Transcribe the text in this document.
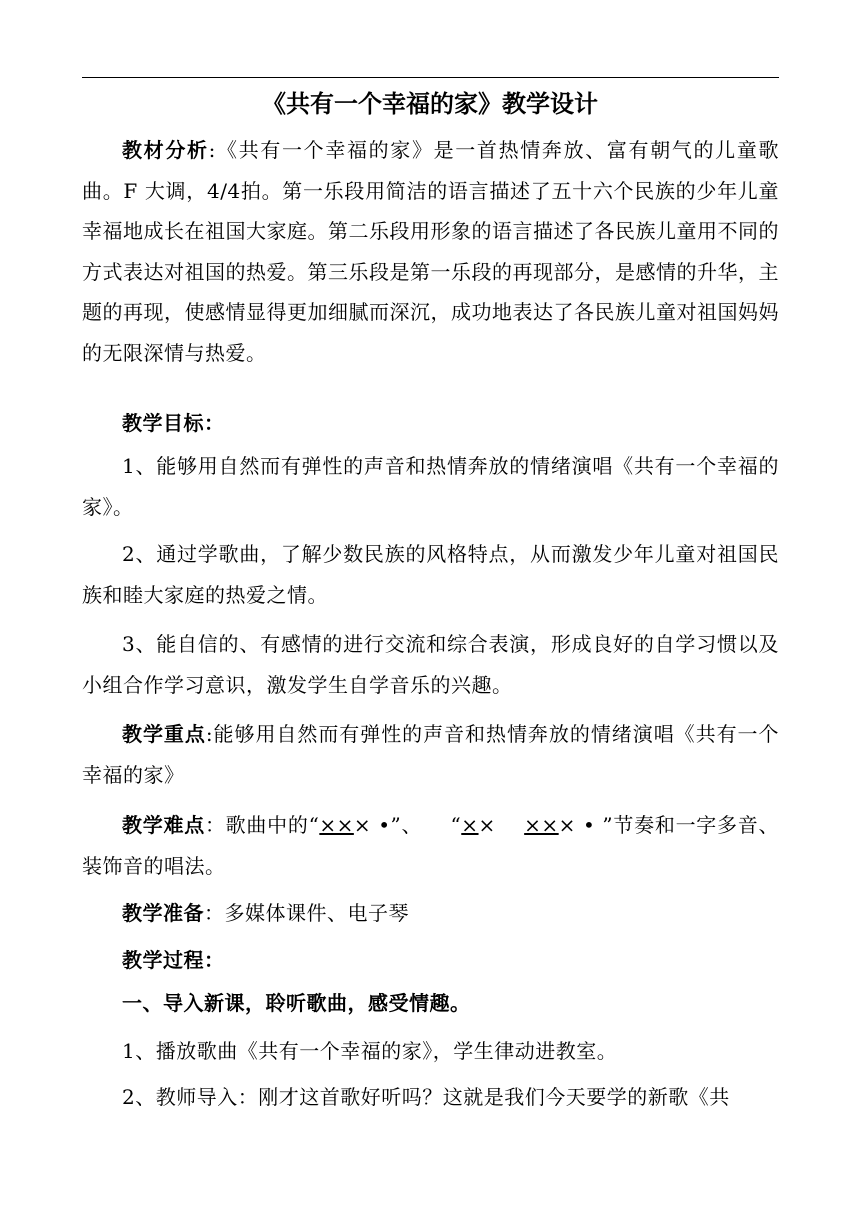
《共有一个幸福的家》教学设计
教材分析:《共有一个幸福的家》是一首热情奔放、富有朝气的儿童歌曲。F 大调，4/4拍。第一乐段用简洁的语言描述了五十六个民族的少年儿童幸福地成长在祖国大家庭。第二乐段用形象的语言描述了各民族儿童用不同的方式表达对祖国的热爱。第三乐段是第一乐段的再现部分，是感情的升华，主题的再现，使感情显得更加细腻而深沉，成功地表达了各民族儿童对祖国妈妈的无限深情与热爱。
教学目标：
1、能够用自然而有弹性的声音和热情奔放的情绪演唱《共有一个幸福的家》。
2、通过学歌曲，了解少数民族的风格特点，从而激发少年儿童对祖国民族和睦大家庭的热爱之情。
3、能自信的、有感情的进行交流和综合表演，形成良好的自学习惯以及小组合作学习意识，激发学生自学音乐的兴趣。
教学重点:能够用自然而有弹性的声音和热情奔放的情绪演唱《共有一个幸福的家》
教学难点：歌曲中的“××× •”、    “××    ××× • ”节奏和一字多音、装饰音的唱法。
教学准备：多媒体课件、电子琴
教学过程：
一、导入新课，聆听歌曲，感受情趣。
1、播放歌曲《共有一个幸福的家》，学生律动进教室。
2、教师导入：刚才这首歌好听吗？这就是我们今天要学的新歌《共
